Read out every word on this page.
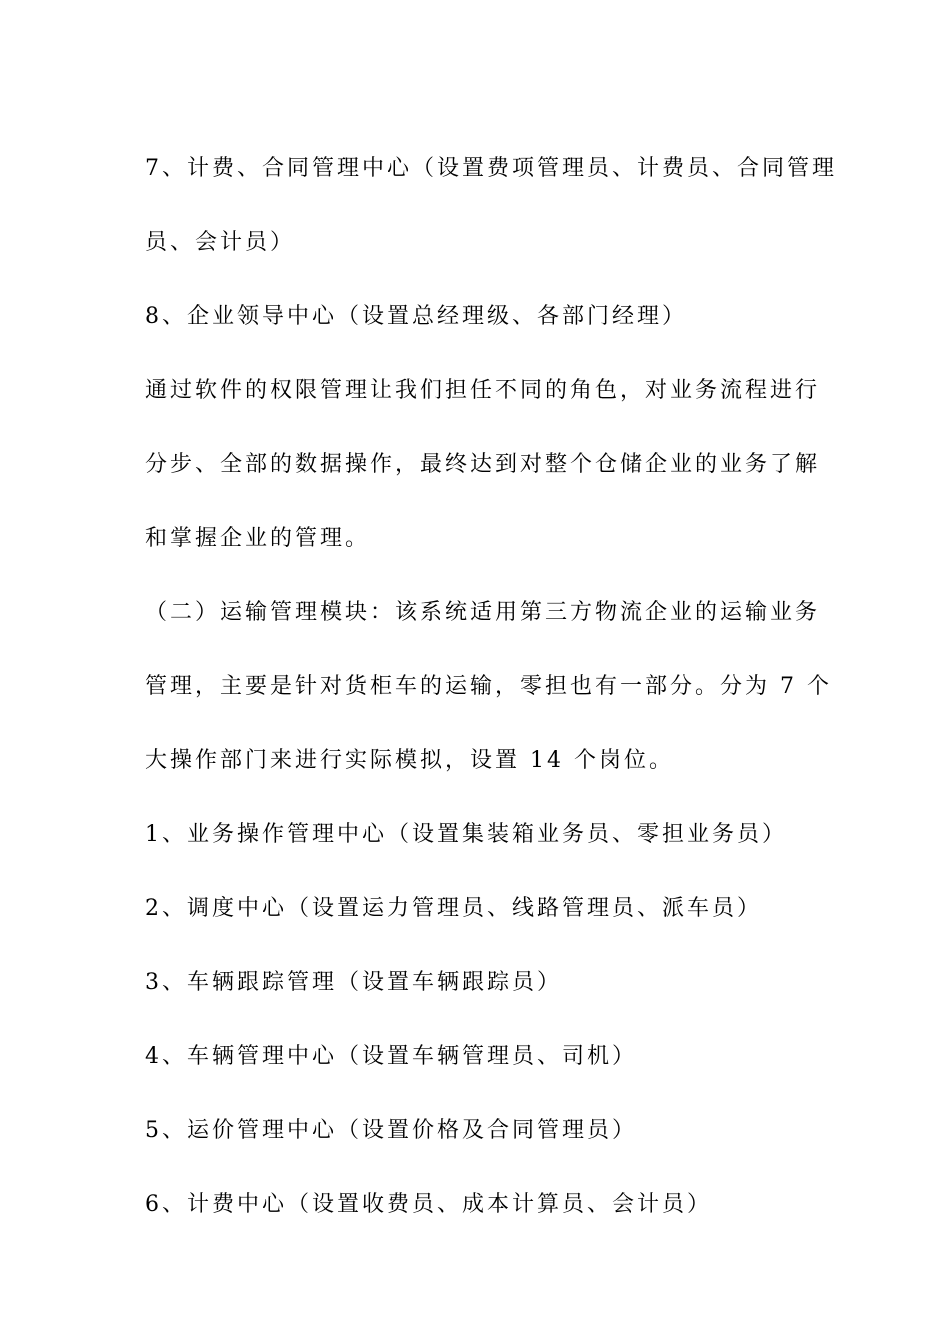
7、计费、合同管理中心（设置费项管理员、计费员、合同管理
员、会计员）
8、企业领导中心（设置总经理级、各部门经理）
通过软件的权限管理让我们担任不同的角色，对业务流程进行
分步、全部的数据操作，最终达到对整个仓储企业的业务了解
和掌握企业的管理。
（二）运输管理模块：该系统适用第三方物流企业的运输业务
管理，主要是针对货柜车的运输，零担也有一部分。分为 7 个
大操作部门来进行实际模拟，设置 14 个岗位。
1、业务操作管理中心（设置集装箱业务员、零担业务员）
2、调度中心（设置运力管理员、线路管理员、派车员）
3、车辆跟踪管理（设置车辆跟踪员）
4、车辆管理中心（设置车辆管理员、司机）
5、运价管理中心（设置价格及合同管理员）
6、计费中心（设置收费员、成本计算员、会计员）
